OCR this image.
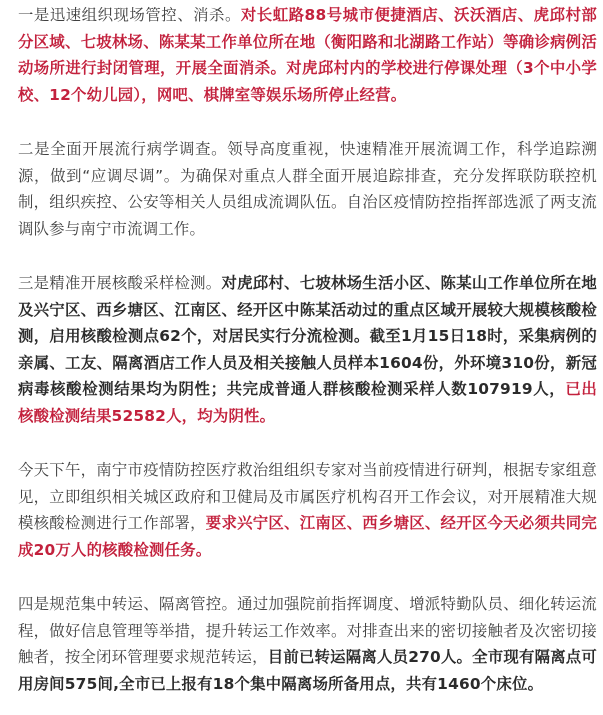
一是迅速组织现场管控、消杀。对长虹路88号城市便捷酒店、沃沃酒店、虎邱村部分区域、七坡林场、陈某某工作单位所在地（衡阳路和北湖路工作站）等确诊病例活动场所进行封闭管理，开展全面消杀。对虎邱村内的学校进行停课处理（3个中小学校、12个幼儿园），网吧、棋牌室等娱乐场所停止经营。

二是全面开展流行病学调查。领导高度重视，快速精准开展流调工作，科学追踪溯源，做到“应调尽调”。为确保对重点人群全面开展追踪排查，充分发挥联防联控机制，组织疾控、公安等相关人员组成流调队伍。自治区疫情防控指挥部选派了两支流调队参与南宁市流调工作。

三是精准开展核酸采样检测。对虎邱村、七坡林场生活小区、陈某山工作单位所在地及兴宁区、西乡塘区、江南区、经开区中陈某活动过的重点区域开展较大规模核酸检测，启用核酸检测点62个，对居民实行分流检测。截至1月15日18时，采集病例的亲属、工友、隔离酒店工作人员及相关接触人员样本1604份，外环境310份，新冠病毒核酸检测结果均为阴性；共完成普通人群核酸检测采样人数107919人，已出核酸检测结果52582人，均为阴性。

今天下午，南宁市疫情防控医疗救治组组织专家对当前疫情进行研判，根据专家组意见，立即组织相关城区政府和卫健局及市属医疗机构召开工作会议，对开展精准大规模核酸检测进行工作部署，要求兴宁区、江南区、西乡塘区、经开区今天必须共同完成20万人的核酸检测任务。

四是规范集中转运、隔离管控。通过加强院前指挥调度、增派特勤队员、细化转运流程，做好信息管理等举措，提升转运工作效率。对排查出来的密切接触者及次密切接触者，按全闭环管理要求规范转运，目前已转运隔离人员270人。全市现有隔离点可用房间575间,全市已上报有18个集中隔离场所备用点，共有1460个床位。
